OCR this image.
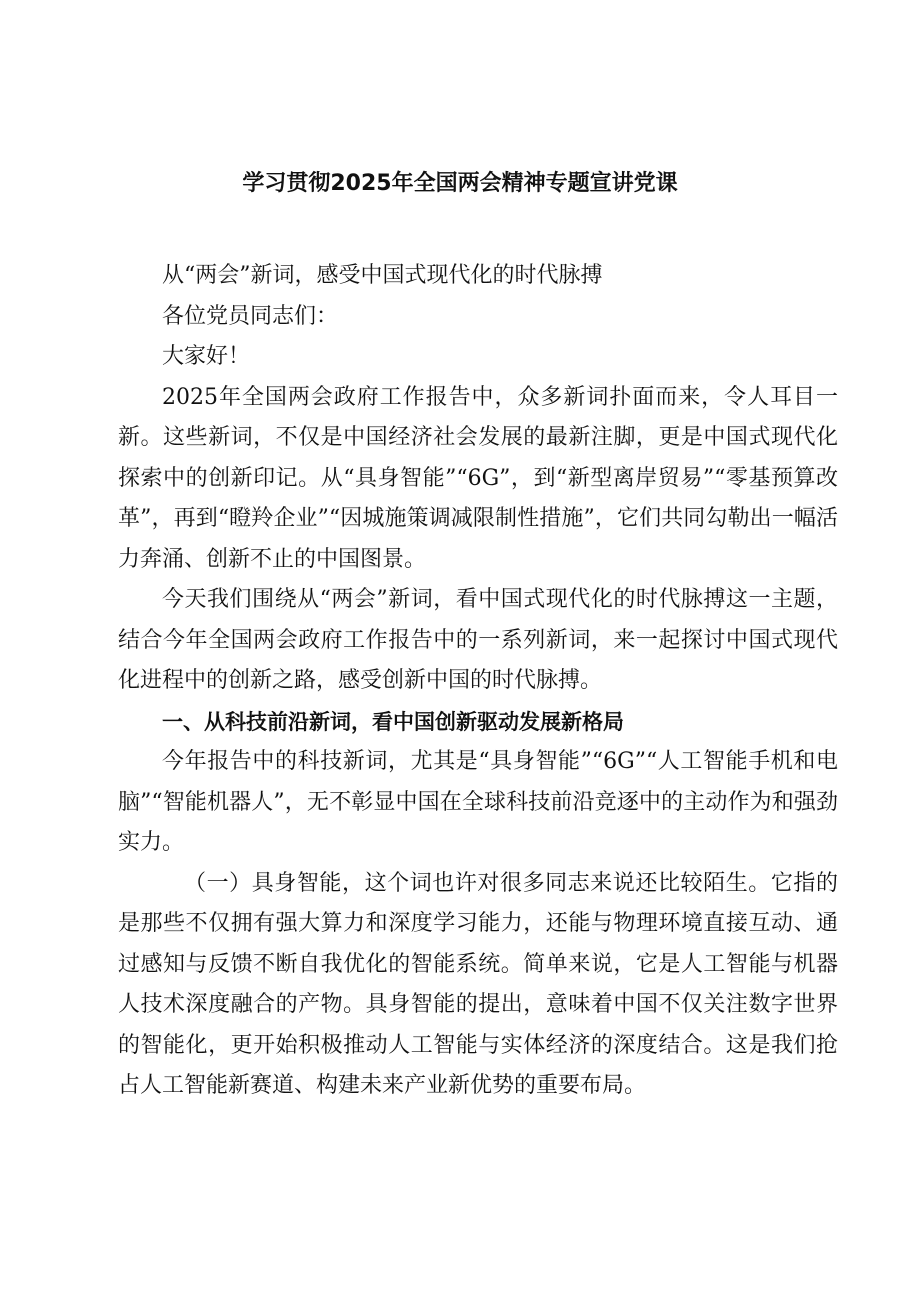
学习贯彻2025年全国两会精神专题宣讲党课

从“两会”新词，感受中国式现代化的时代脉搏

各位党员同志们：

大家好！

2025年全国两会政府工作报告中，众多新词扑面而来，令人耳目一新。这些新词，不仅是中国经济社会发展的最新注脚，更是中国式现代化探索中的创新印记。从“具身智能”“6G”，到“新型离岸贸易”“零基预算改革”，再到“瞪羚企业”“因城施策调减限制性措施”，它们共同勾勒出一幅活力奔涌、创新不止的中国图景。

今天我们围绕从“两会”新词，看中国式现代化的时代脉搏这一主题，结合今年全国两会政府工作报告中的一系列新词，来一起探讨中国式现代化进程中的创新之路，感受创新中国的时代脉搏。

一、从科技前沿新词，看中国创新驱动发展新格局

今年报告中的科技新词，尤其是“具身智能”“6G”“人工智能手机和电脑”“智能机器人”，无不彰显中国在全球科技前沿竞逐中的主动作为和强劲实力。

（一）具身智能，这个词也许对很多同志来说还比较陌生。它指的是那些不仅拥有强大算力和深度学习能力，还能与物理环境直接互动、通过感知与反馈不断自我优化的智能系统。简单来说，它是人工智能与机器人技术深度融合的产物。具身智能的提出，意味着中国不仅关注数字世界的智能化，更开始积极推动人工智能与实体经济的深度结合。这是我们抢占人工智能新赛道、构建未来产业新优势的重要布局。
